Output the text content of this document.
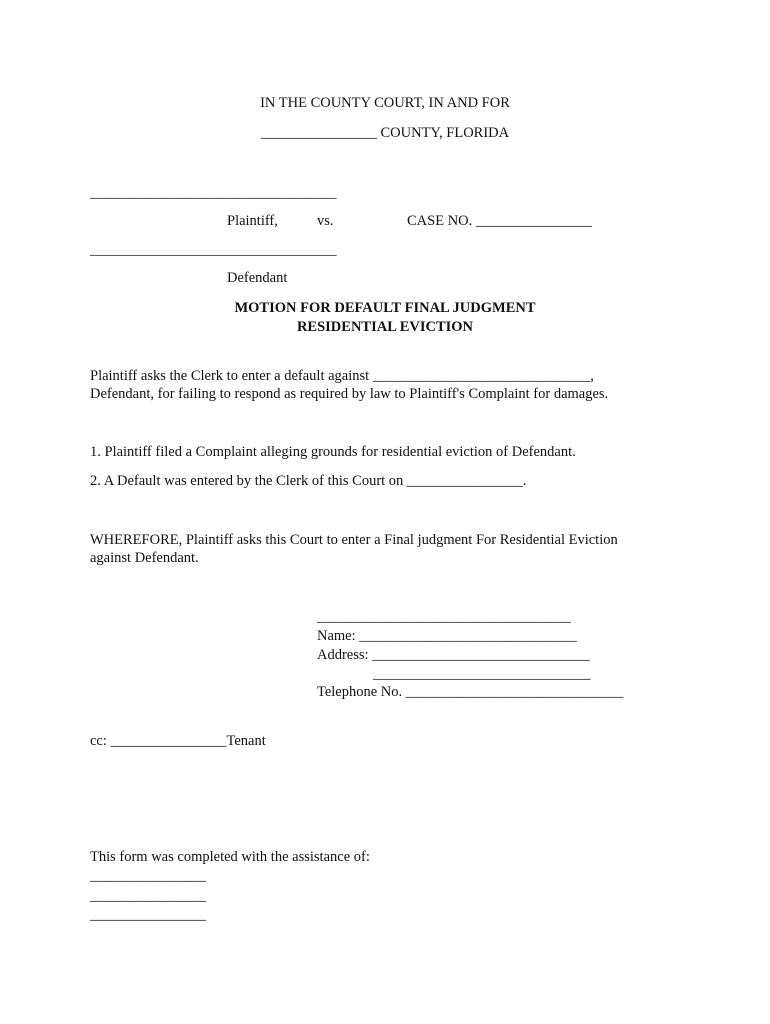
IN THE COUNTY COURT, IN AND FOR
________________ COUNTY, FLORIDA
__________________________________
Plaintiff,	vs.	CASE NO. ________________
__________________________________
Defendant
MOTION FOR DEFAULT FINAL JUDGMENT
RESIDENTIAL EVICTION
Plaintiff asks the Clerk to enter a default against ______________________________,
Defendant, for failing to respond as required by law to Plaintiff's Complaint for damages.
1. Plaintiff filed a Complaint alleging grounds for residential eviction of Defendant.
2. A Default was entered by the Clerk of this Court on ________________.
WHEREFORE, Plaintiff asks this Court to enter a Final judgment For Residential Eviction
against Defendant.
___________________________________
Name: ______________________________
Address: ______________________________
______________________________
Telephone No. ______________________________
cc: ________________Tenant
This form was completed with the assistance of:
________________
________________
________________
